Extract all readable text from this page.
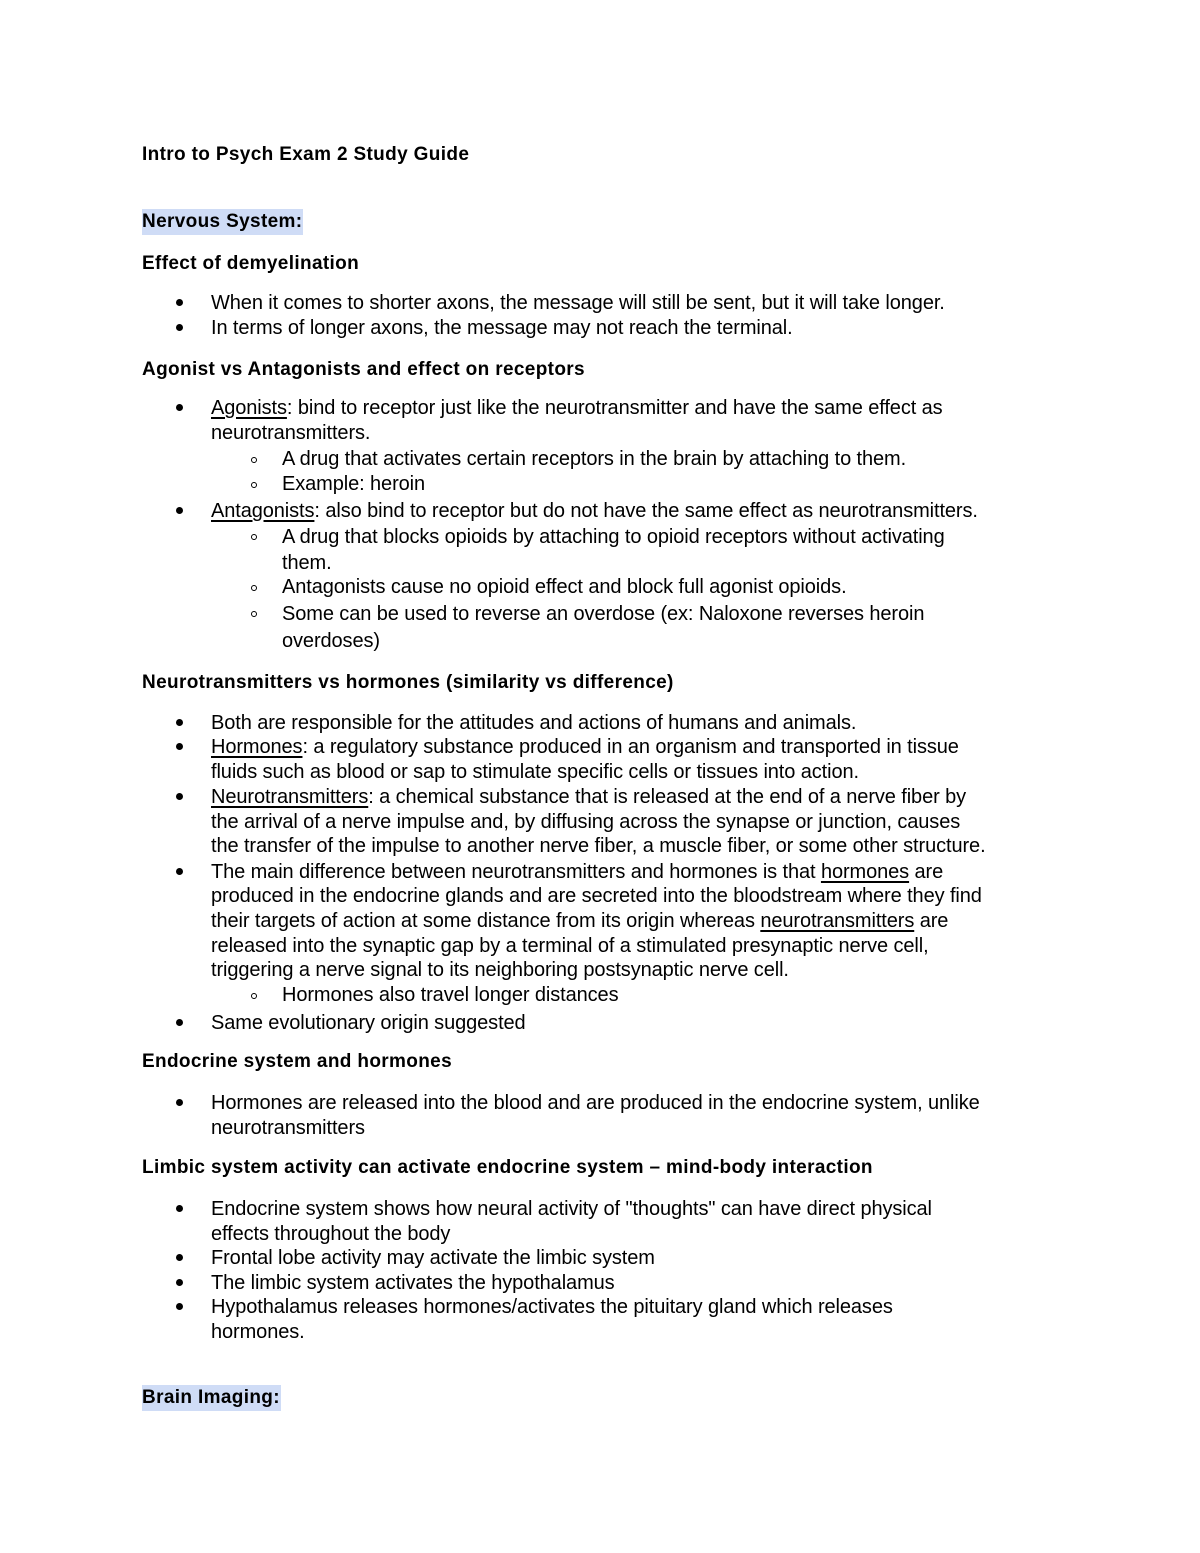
Intro to Psych Exam 2 Study Guide
Nervous System:
Effect of demyelination
When it comes to shorter axons, the message will still be sent, but it will take longer.
In terms of longer axons, the message may not reach the terminal.
Agonist vs Antagonists and effect on receptors
Agonists: bind to receptor just like the neurotransmitter and have the same effect as
neurotransmitters.
A drug that activates certain receptors in the brain by attaching to them.
Example: heroin
Antagonists: also bind to receptor but do not have the same effect as neurotransmitters.
A drug that blocks opioids by attaching to opioid receptors without activating
them.
Antagonists cause no opioid effect and block full agonist opioids.
Some can be used to reverse an overdose (ex: Naloxone reverses heroin
overdoses)
Neurotransmitters vs hormones (similarity vs difference)
Both are responsible for the attitudes and actions of humans and animals.
Hormones: a regulatory substance produced in an organism and transported in tissue
fluids such as blood or sap to stimulate specific cells or tissues into action.
Neurotransmitters: a chemical substance that is released at the end of a nerve fiber by
the arrival of a nerve impulse and, by diffusing across the synapse or junction, causes
the transfer of the impulse to another nerve fiber, a muscle fiber, or some other structure.
The main difference between neurotransmitters and hormones is that hormones are
produced in the endocrine glands and are secreted into the bloodstream where they find
their targets of action at some distance from its origin whereas neurotransmitters are
released into the synaptic gap by a terminal of a stimulated presynaptic nerve cell,
triggering a nerve signal to its neighboring postsynaptic nerve cell.
Hormones also travel longer distances
Same evolutionary origin suggested
Endocrine system and hormones
Hormones are released into the blood and are produced in the endocrine system, unlike
neurotransmitters
Limbic system activity can activate endocrine system – mind-body interaction
Endocrine system shows how neural activity of "thoughts" can have direct physical
effects throughout the body
Frontal lobe activity may activate the limbic system
The limbic system activates the hypothalamus
Hypothalamus releases hormones/activates the pituitary gland which releases
hormones.
Brain Imaging:
